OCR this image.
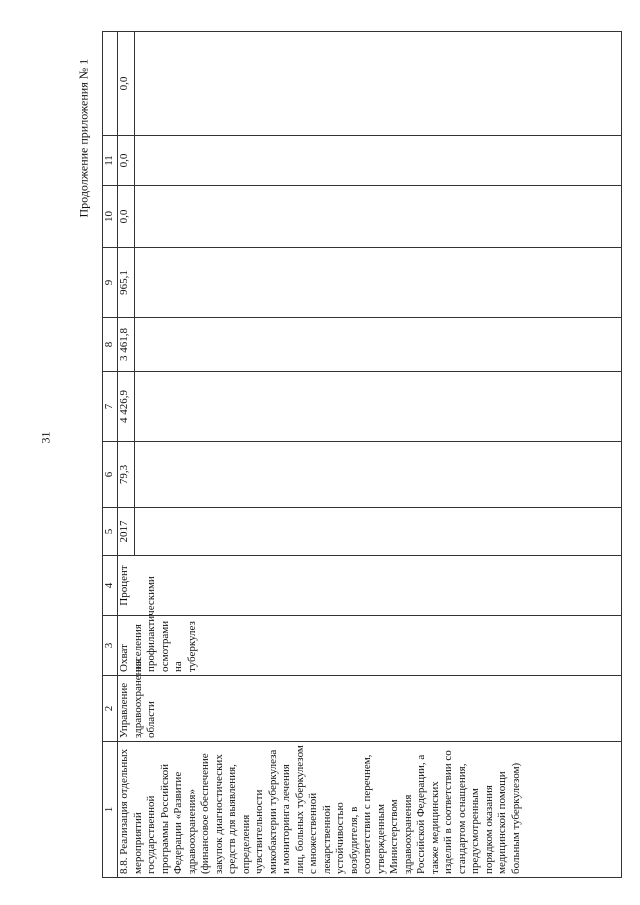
31
Продолжение приложения № 1
1	2	3	4	5	6	7	8	9	10	11	
8.8. Реализация отдельных мероприятий государственной программы Российской Федерации «Развитие здравоохранения» (финансовое обеспечение закупок диагностических средств для выявления, определения чувствительности микобактерии туберкулеза и мониторинга лечения лиц, больных туберкулезом с множественной лекарственной устойчивостью возбудителя, в соответствии с перечнем, утвержденным Министерством здравоохранения Российской Федерации, а также медицинских изделий в соответствии со стандартом оснащения, предусмотренным порядком оказания медицинской помощи больным туберкулезом)	Управление здравоохранения области	Охват населения профилактическими осмотрами на туберкулез	Процент	2017	79,3	4 426,9	3 461,8	965,1	0,0	0,0	0,0
